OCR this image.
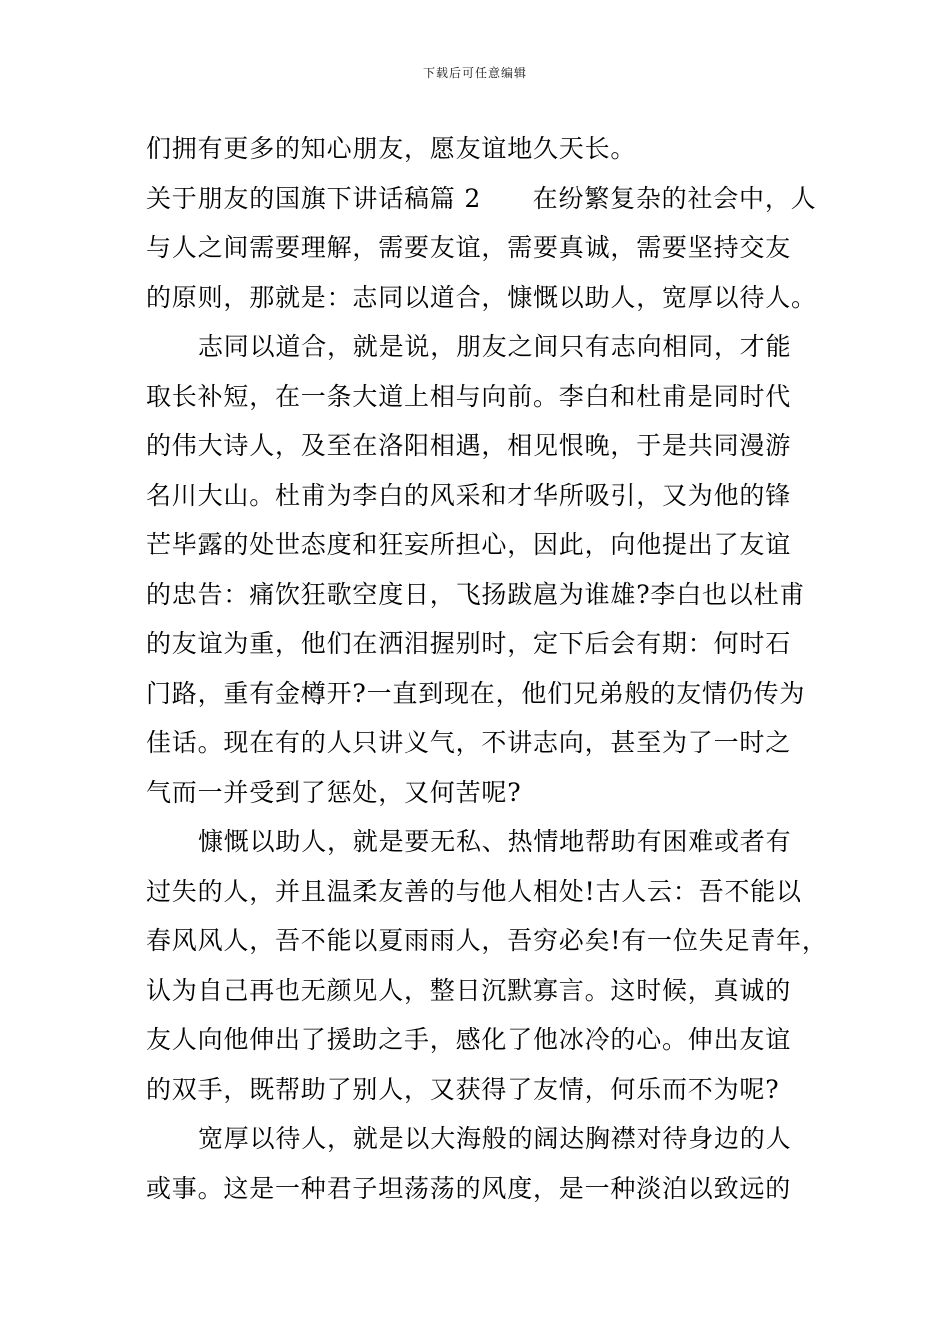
下载后可任意编辑
们拥有更多的知心朋友，愿友谊地久天长。
关于朋友的国旗下讲话稿篇 2　　在纷繁复杂的社会中，人
与人之间需要理解，需要友谊，需要真诚，需要坚持交友
的原则，那就是：志同以道合，慷慨以助人，宽厚以待人。
志同以道合，就是说，朋友之间只有志向相同，才能
取长补短，在一条大道上相与向前。李白和杜甫是同时代
的伟大诗人，及至在洛阳相遇，相见恨晚，于是共同漫游
名川大山。杜甫为李白的风采和才华所吸引，又为他的锋
芒毕露的处世态度和狂妄所担心，因此，向他提出了友谊
的忠告：痛饮狂歌空度日，飞扬跋扈为谁雄?李白也以杜甫
的友谊为重，他们在洒泪握别时，定下后会有期：何时石
门路，重有金樽开?一直到现在，他们兄弟般的友情仍传为
佳话。现在有的人只讲义气，不讲志向，甚至为了一时之
气而一并受到了惩处，又何苦呢?
慷慨以助人，就是要无私、热情地帮助有困难或者有
过失的人，并且温柔友善的与他人相处!古人云：吾不能以
春风风人，吾不能以夏雨雨人，吾穷必矣!有一位失足青年，
认为自己再也无颜见人，整日沉默寡言。这时候，真诚的
友人向他伸出了援助之手，感化了他冰冷的心。伸出友谊
的双手，既帮助了别人，又获得了友情，何乐而不为呢?
宽厚以待人，就是以大海般的阔达胸襟对待身边的人
或事。这是一种君子坦荡荡的风度，是一种淡泊以致远的
